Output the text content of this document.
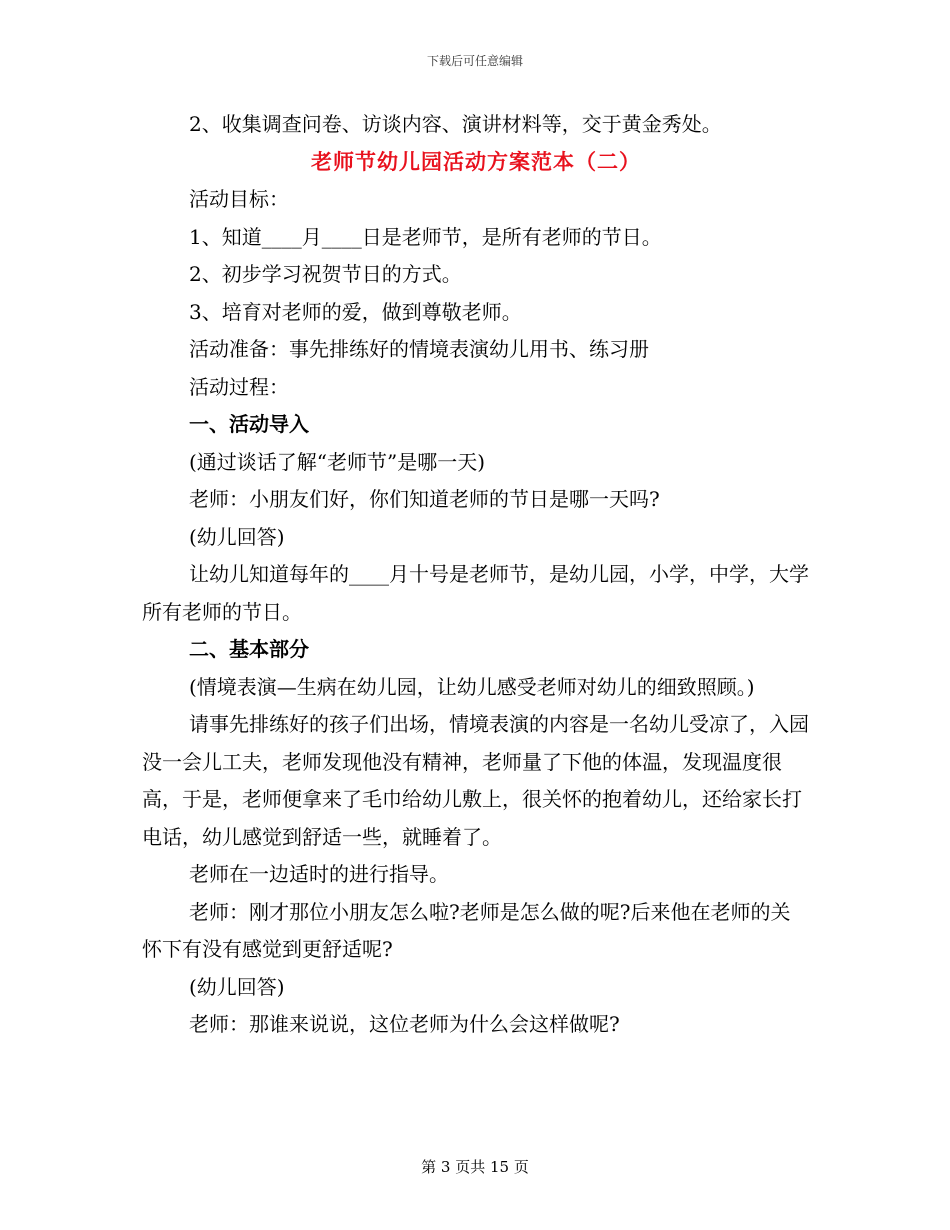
下载后可任意编辑

2、收集调查问卷、访谈内容、演讲材料等，交于黄金秀处。

老师节幼儿园活动方案范本（二）

活动目标：

1、知道____月____日是老师节，是所有老师的节日。

2、初步学习祝贺节日的方式。

3、培育对老师的爱，做到尊敬老师。

活动准备：事先排练好的情境表演幼儿用书、练习册

活动过程：

一、活动导入

(通过谈话了解“老师节”是哪一天)

老师：小朋友们好，你们知道老师的节日是哪一天吗?

(幼儿回答)

让幼儿知道每年的____月十号是老师节，是幼儿园，小学，中学，大学所有老师的节日。

二、基本部分

(情境表演—生病在幼儿园，让幼儿感受老师对幼儿的细致照顾。)

请事先排练好的孩子们出场，情境表演的内容是一名幼儿受凉了，入园没一会儿工夫，老师发现他没有精神，老师量了下他的体温，发现温度很高，于是，老师便拿来了毛巾给幼儿敷上，很关怀的抱着幼儿，还给家长打电话，幼儿感觉到舒适一些，就睡着了。

老师在一边适时的进行指导。

老师：刚才那位小朋友怎么啦?老师是怎么做的呢?后来他在老师的关怀下有没有感觉到更舒适呢?

(幼儿回答)

老师：那谁来说说，这位老师为什么会这样做呢?

第 3 页共 15 页
